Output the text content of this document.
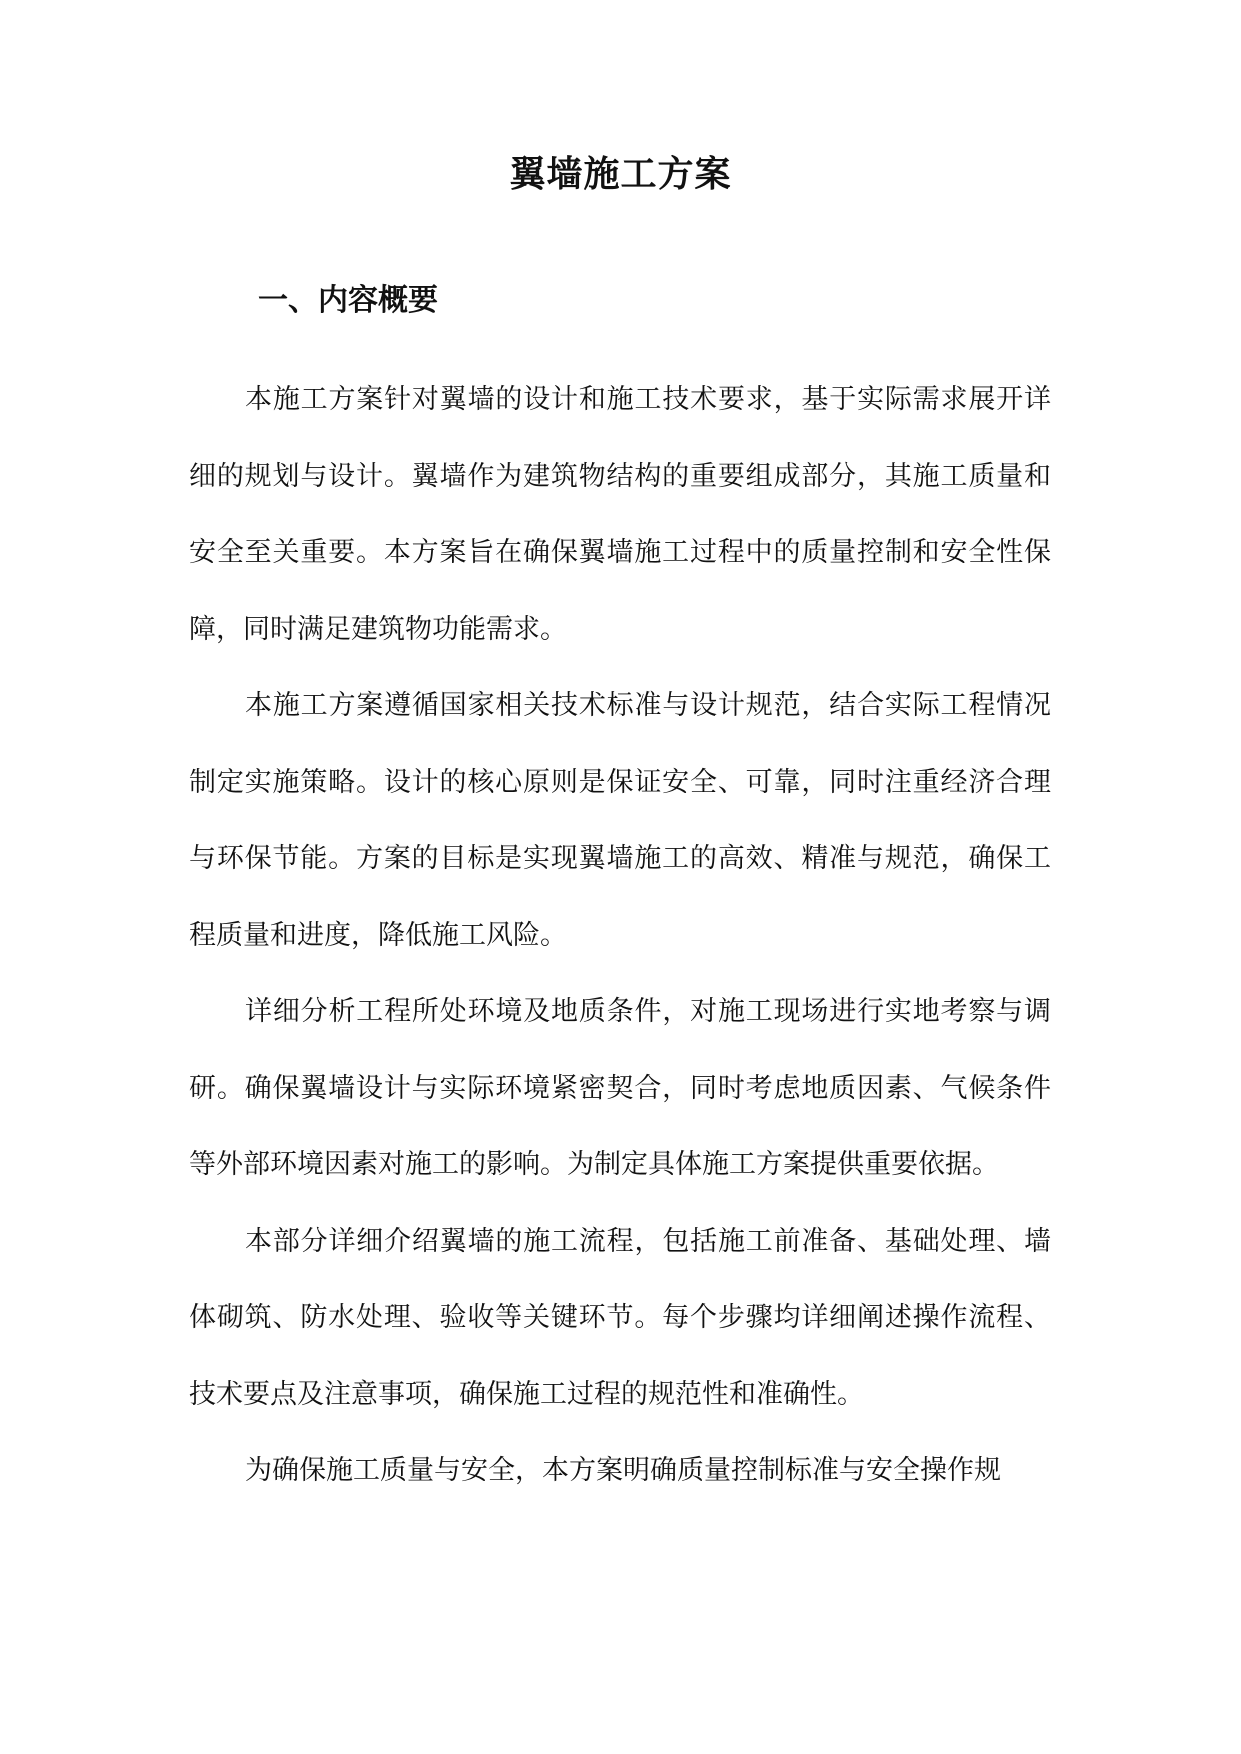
翼墙施工方案
一、内容概要

本施工方案针对翼墙的设计和施工技术要求，基于实际需求展开详细的规划与设计。翼墙作为建筑物结构的重要组成部分，其施工质量和安全至关重要。本方案旨在确保翼墙施工过程中的质量控制和安全性保障，同时满足建筑物功能需求。

本施工方案遵循国家相关技术标准与设计规范，结合实际工程情况制定实施策略。设计的核心原则是保证安全、可靠，同时注重经济合理与环保节能。方案的目标是实现翼墙施工的高效、精准与规范，确保工程质量和进度，降低施工风险。

详细分析工程所处环境及地质条件，对施工现场进行实地考察与调研。确保翼墙设计与实际环境紧密契合，同时考虑地质因素、气候条件等外部环境因素对施工的影响。为制定具体施工方案提供重要依据。

本部分详细介绍翼墙的施工流程，包括施工前准备、基础处理、墙体砌筑、防水处理、验收等关键环节。每个步骤均详细阐述操作流程、技术要点及注意事项，确保施工过程的规范性和准确性。

为确保施工质量与安全，本方案明确质量控制标准与安全操作规
